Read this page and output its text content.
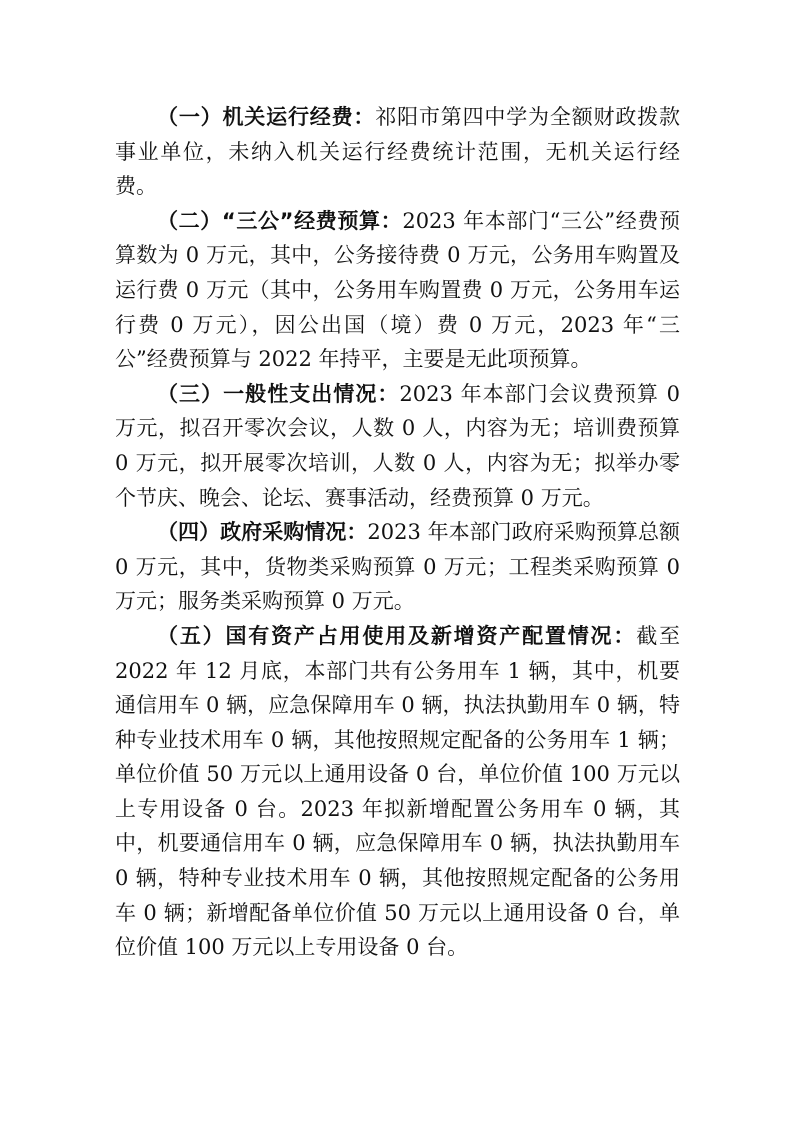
（一）机关运行经费：祁阳市第四中学为全额财政拨款事业单位，未纳入机关运行经费统计范围，无机关运行经费。

（二）“三公”经费预算：2023 年本部门“三公”经费预算数为 0 万元，其中，公务接待费 0 万元，公务用车购置及运行费 0 万元（其中，公务用车购置费 0 万元，公务用车运行费 0 万元），因公出国（境）费 0 万元，2023 年“三公”经费预算与 2022 年持平，主要是无此项预算。

（三）一般性支出情况：2023 年本部门会议费预算 0 万元，拟召开零次会议，人数 0 人，内容为无；培训费预算 0 万元，拟开展零次培训，人数 0 人，内容为无；拟举办零个节庆、晚会、论坛、赛事活动，经费预算 0 万元。

（四）政府采购情况：2023 年本部门政府采购预算总额 0 万元，其中，货物类采购预算 0 万元；工程类采购预算 0 万元；服务类采购预算 0 万元。

（五）国有资产占用使用及新增资产配置情况：截至 2022 年 12 月底，本部门共有公务用车 1 辆，其中，机要通信用车 0 辆，应急保障用车 0 辆，执法执勤用车 0 辆，特种专业技术用车 0 辆，其他按照规定配备的公务用车 1 辆；单位价值 50 万元以上通用设备 0 台，单位价值 100 万元以上专用设备 0 台。2023 年拟新增配置公务用车 0 辆，其中，机要通信用车 0 辆，应急保障用车 0 辆，执法执勤用车 0 辆，特种专业技术用车 0 辆，其他按照规定配备的公务用车 0 辆；新增配备单位价值 50 万元以上通用设备 0 台，单位价值 100 万元以上专用设备 0 台。
